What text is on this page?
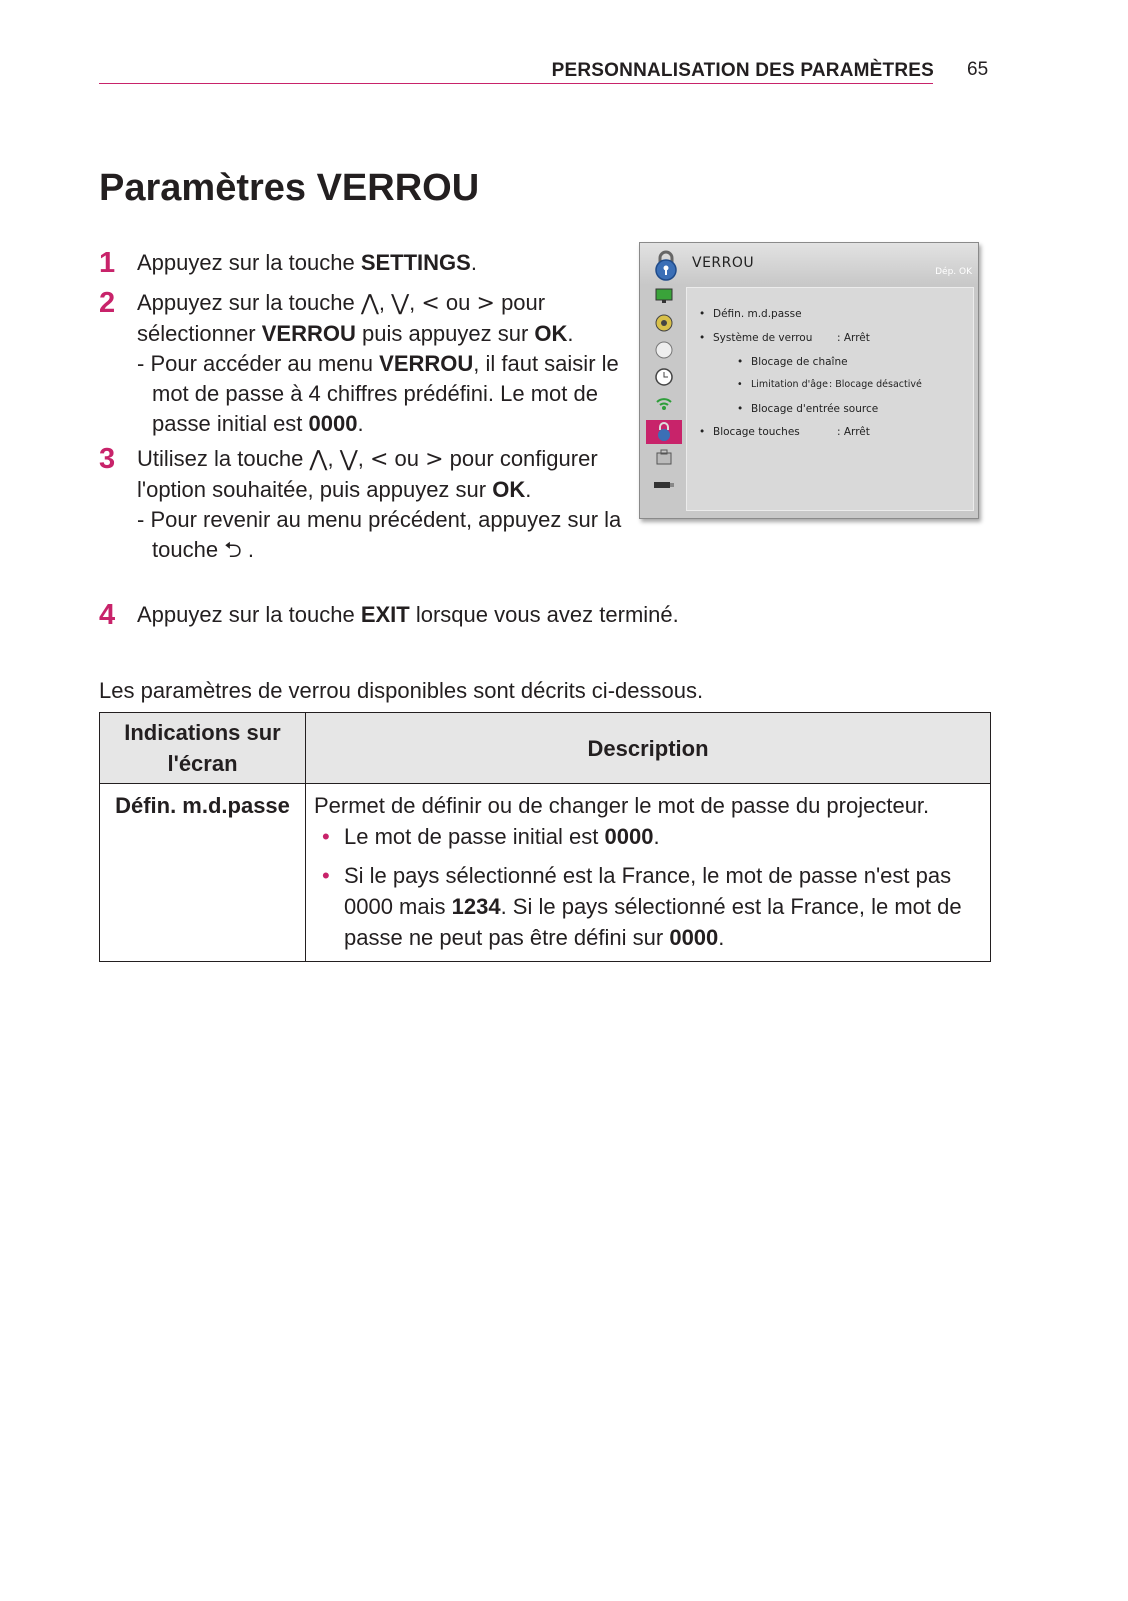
PERSONNALISATION DES PARAMÈTRES 65
Paramètres VERROU
1 Appuyez sur la touche SETTINGS.
2 Appuyez sur la touche ⋀, ⋁, < ou > pour sélectionner VERROU puis appuyez sur OK.
- Pour accéder au menu VERROU, il faut saisir le mot de passe à 4 chiffres prédéfini. Le mot de passe initial est 0000.
3 Utilisez la touche ⋀, ⋁, < ou > pour configurer l'option souhaitée, puis appuyez sur OK.
- Pour revenir au menu précédent, appuyez sur la touche ⮌ .
4 Appuyez sur la touche EXIT lorsque vous avez terminé.
Les paramètres de verrou disponibles sont décrits ci-dessous.
Indications sur l'écran	Description
Défin. m.d.passe	Permet de définir ou de changer le mot de passe du projecteur.
• Le mot de passe initial est 0000.
• Si le pays sélectionné est la France, le mot de passe n'est pas 0000 mais 1234. Si le pays sélectionné est la France, le mot de passe ne peut pas être défini sur 0000.
VERROU
Dép. OK
• Défin. m.d.passe
• Système de verrou : Arrêt
• Blocage de chaîne
• Limitation d'âge : Blocage désactivé
• Blocage d'entrée source
• Blocage touches	: Arrêt
